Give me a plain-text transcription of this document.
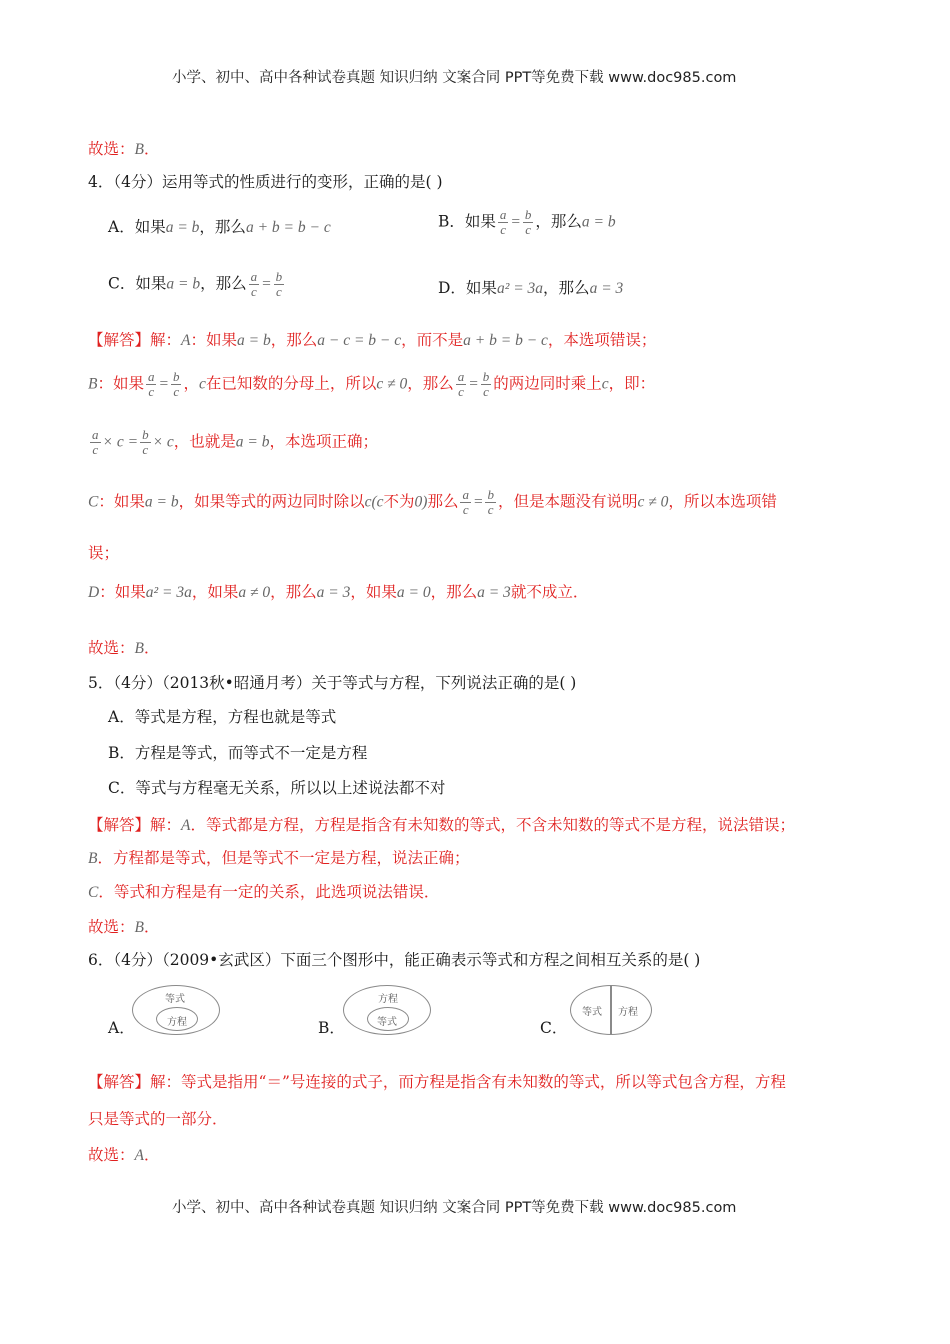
小学、初中、高中各种试卷真题 知识归纳 文案合同 PPT等免费下载 www.doc985.com
故选：B．
4．（4分）运用等式的性质进行的变形，正确的是( )
A．如果a = b，那么a + b = b − c	B．如果 $\frac{a}{c} = \frac{b}{c}$ ，那么a = b
C．如果a = b，那么 $\frac{a}{c} = \frac{b}{c}$	D．如果a² = 3a，那么a = 3
【解答】解：A：如果a = b，那么a − c = b − c，而不是a + b = b − c，本选项错误；
B：如果 $\frac{a}{c} = \frac{b}{c}$ ，c在已知数的分母上，所以c ≠ 0，那么 $\frac{a}{c} = \frac{b}{c}$ 的两边同时乘上c，即：
$\frac{a}{c} \times c = \frac{b}{c} \times c$，也就是a = b，本选项正确；
C：如果a = b，如果等式的两边同时除以c(c不为0)那么 $\frac{a}{c} = \frac{b}{c}$ ，但是本题没有说明c ≠ 0，所以本选项错
误；
D：如果a² = 3a，如果a ≠ 0，那么a = 3，如果a = 0，那么a = 3就不成立．
故选：B．
5．（4分）（2013秋•昭通月考）关于等式与方程，下列说法正确的是( )
A．等式是方程，方程也就是等式
B．方程是等式，而等式不一定是方程
C．等式与方程毫无关系，所以以上述说法都不对
【解答】解：A．等式都是方程，方程是指含有未知数的等式，不含未知数的等式不是方程，说法错误；
B．方程都是等式，但是等式不一定是方程，说法正确；
C．等式和方程是有一定的关系，此选项说法错误．
故选：B．
6．（4分）（2009•玄武区）下面三个图形中，能正确表示等式和方程之间相互关系的是( )
A．
等式
方程	B．
方程
等式	C．
等式 方程
【解答】解：等式是指用“＝”号连接的式子，而方程是指含有未知数的等式，所以等式包含方程，方程
只是等式的一部分．
故选：A．
小学、初中、高中各种试卷真题 知识归纳 文案合同 PPT等免费下载 www.doc985.com
